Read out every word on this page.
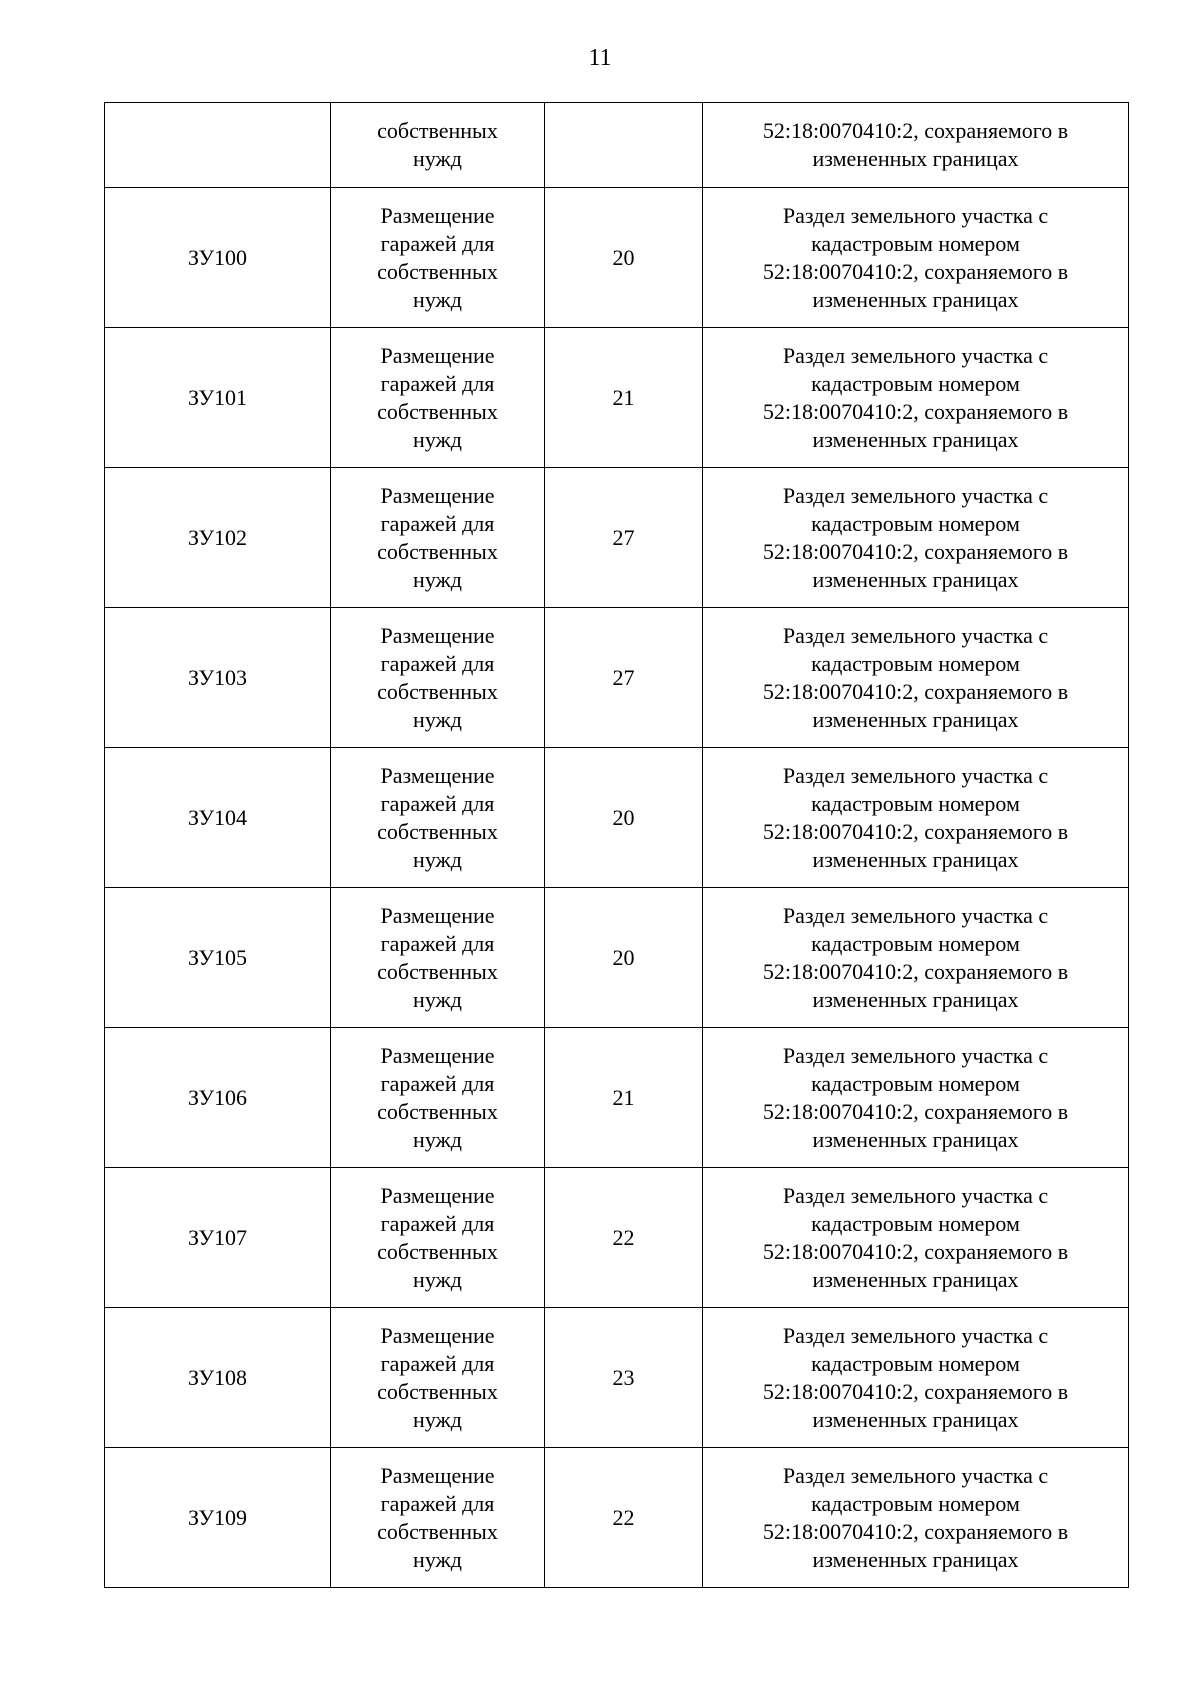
11

	собственных
нужд		52:18:0070410:2, сохраняемого в
измененных границах

ЗУ100	Размещение
гаражей для
собственных
нужд	20	Раздел земельного участка с
кадастровым номером
52:18:0070410:2, сохраняемого в
измененных границах

ЗУ101	Размещение
гаражей для
собственных
нужд	21	Раздел земельного участка с
кадастровым номером
52:18:0070410:2, сохраняемого в
измененных границах

ЗУ102	Размещение
гаражей для
собственных
нужд	27	Раздел земельного участка с
кадастровым номером
52:18:0070410:2, сохраняемого в
измененных границах

ЗУ103	Размещение
гаражей для
собственных
нужд	27	Раздел земельного участка с
кадастровым номером
52:18:0070410:2, сохраняемого в
измененных границах

ЗУ104	Размещение
гаражей для
собственных
нужд	20	Раздел земельного участка с
кадастровым номером
52:18:0070410:2, сохраняемого в
измененных границах

ЗУ105	Размещение
гаражей для
собственных
нужд	20	Раздел земельного участка с
кадастровым номером
52:18:0070410:2, сохраняемого в
измененных границах

ЗУ106	Размещение
гаражей для
собственных
нужд	21	Раздел земельного участка с
кадастровым номером
52:18:0070410:2, сохраняемого в
измененных границах

ЗУ107	Размещение
гаражей для
собственных
нужд	22	Раздел земельного участка с
кадастровым номером
52:18:0070410:2, сохраняемого в
измененных границах

ЗУ108	Размещение
гаражей для
собственных
нужд	23	Раздел земельного участка с
кадастровым номером
52:18:0070410:2, сохраняемого в
измененных границах

ЗУ109	Размещение
гаражей для
собственных
нужд	22	Раздел земельного участка с
кадастровым номером
52:18:0070410:2, сохраняемого в
измененных границах
